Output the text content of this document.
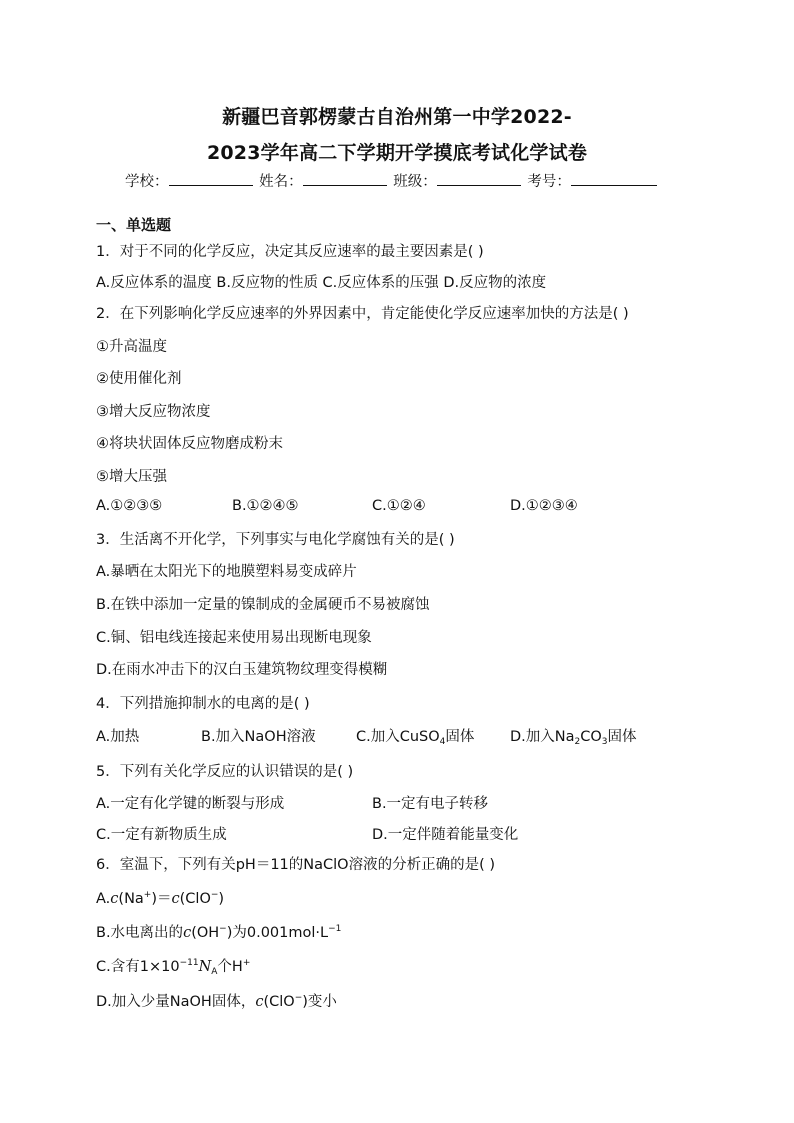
新疆巴音郭楞蒙古自治州第一中学2022-
2023学年高二下学期开学摸底考试化学试卷
学校：	姓名：	班级：	考号：
一、单选题
1．对于不同的化学反应，决定其反应速率的最主要因素是( )
A.反应体系的温度 B.反应物的性质 C.反应体系的压强 D.反应物的浓度
2．在下列影响化学反应速率的外界因素中，肯定能使化学反应速率加快的方法是( )
①升高温度
②使用催化剂
③增大反应物浓度
④将块状固体反应物磨成粉末
⑤增大压强
A.①②③⑤	B.①②④⑤	C.①②④	D.①②③④
3．生活离不开化学，下列事实与电化学腐蚀有关的是( )
A.暴晒在太阳光下的地膜塑料易变成碎片
B.在铁中添加一定量的镍制成的金属硬币不易被腐蚀
C.铜、铝电线连接起来使用易出现断电现象
D.在雨水冲击下的汉白玉建筑物纹理变得模糊
4．下列措施抑制水的电离的是( )
A.加热	B.加入NaOH溶液	C.加入CuSO$_4$固体 D.加入$Na_2CO_3$固体
5．下列有关化学反应的认识错误的是( )
A.一定有化学键的断裂与形成	B.一定有电子转移
C.一定有新物质生成	D.一定伴随着能量变化
6．室温下，下列有关pH＝11的NaClO溶液的分析正确的是( )
A.c(Na+)＝c(ClO−)
B.水电离出的c(OH−)为$0.001mol\cdot L^{-1}$
C.含有$1\times 10^{-11}N_A$个H+
D.加入少量NaOH固体，c(ClO−)变小
